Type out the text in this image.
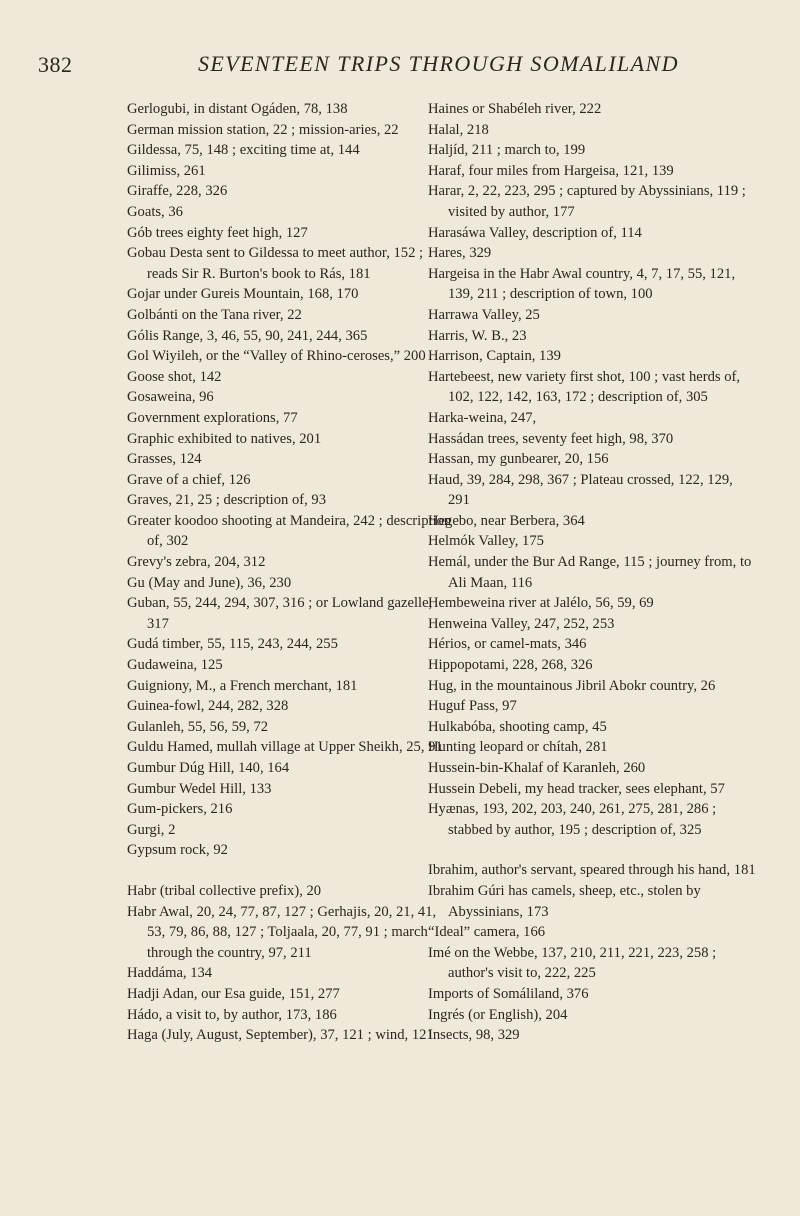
382	SEVENTEEN TRIPS THROUGH SOMALILAND

Gerlogubi, in distant Ogáden, 78, 138

German mission station, 22 ; mission-aries, 22

Gildessa, 75, 148 ; exciting time at, 144

Gilimiss, 261

Giraffe, 228, 326

Goats, 36

Gób trees eighty feet high, 127

Gobau Desta sent to Gildessa to meet author, 152 ; reads Sir R. Burton's book to Rás, 181

Gojar under Gureis Mountain, 168, 170

Golbánti on the Tana river, 22

Gólis Range, 3, 46, 55, 90, 241, 244, 365

Gol Wiyileh, or the “Valley of Rhino-ceroses,” 200

Goose shot, 142

Gosaweina, 96

Government explorations, 77

Graphic exhibited to natives, 201

Grasses, 124

Grave of a chief, 126

Graves, 21, 25 ; description of, 93

Greater koodoo shooting at Mandeira, 242 ; description of, 302

Grevy's zebra, 204, 312

Gu (May and June), 36, 230

Guban, 55, 244, 294, 307, 316 ; or Lowland gazelle, 317

Gudá timber, 55, 115, 243, 244, 255

Gudaweina, 125

Guigniony, M., a French merchant, 181

Guinea-fowl, 244, 282, 328

Gulanleh, 55, 56, 59, 72

Guldu Hamed, mullah village at Upper Sheikh, 25, 91

Gumbur Dúg Hill, 140, 164

Gumbur Wedel Hill, 133

Gum-pickers, 216

Gurgi, 2

Gypsum rock, 92

Habr (tribal collective prefix), 20

Habr Awal, 20, 24, 77, 87, 127 ; Gerhajis, 20, 21, 41, 53, 79, 86, 88, 127 ; Toljaala, 20, 77, 91 ; march through the country, 97, 211

Haddáma, 134

Hadji Adan, our Esa guide, 151, 277

Hádo, a visit to, by author, 173, 186

Haga (July, August, September), 37, 121 ; wind, 121

Haines or Shabéleh river, 222

Halal, 218

Haljíd, 211 ; march to, 199

Haraf, four miles from Hargeisa, 121, 139

Harar, 2, 22, 223, 295 ; captured by Abyssinians, 119 ; visited by author, 177

Harasáwa Valley, description of, 114

Hares, 329

Hargeisa in the Habr Awal country, 4, 7, 17, 55, 121, 139, 211 ; description of town, 100

Harrawa Valley, 25

Harris, W. B., 23

Harrison, Captain, 139

Hartebeest, new variety first shot, 100 ; vast herds of, 102, 122, 142, 163, 172 ; description of, 305

Harka-weina, 247,

Hassádan trees, seventy feet high, 98, 370

Hassan, my gunbearer, 20, 156

Haud, 39, 284, 298, 367 ; Plateau crossed, 122, 129, 291

Hegebo, near Berbera, 364

Helmók Valley, 175

Hemál, under the Bur Ad Range, 115 ; journey from, to Ali Maan, 116

Hembeweina river at Jalélo, 56, 59, 69

Henweina Valley, 247, 252, 253

Hérios, or camel-mats, 346

Hippopotami, 228, 268, 326

Hug, in the mountainous Jibril Abokr country, 26

Huguf Pass, 97

Hulkabóba, shooting camp, 45

Hunting leopard or chítah, 281

Hussein-bin-Khalaf of Karanleh, 260

Hussein Debeli, my head tracker, sees elephant, 57

Hyænas, 193, 202, 203, 240, 261, 275, 281, 286 ; stabbed by author, 195 ; description of, 325

Ibrahim, author's servant, speared through his hand, 181

Ibrahim Gúri has camels, sheep, etc., stolen by Abyssinians, 173

“Ideal” camera, 166

Imé on the Webbe, 137, 210, 211, 221, 223, 258 ; author's visit to, 222, 225

Imports of Somáliland, 376

Ingrés (or English), 204

Insects, 98, 329
